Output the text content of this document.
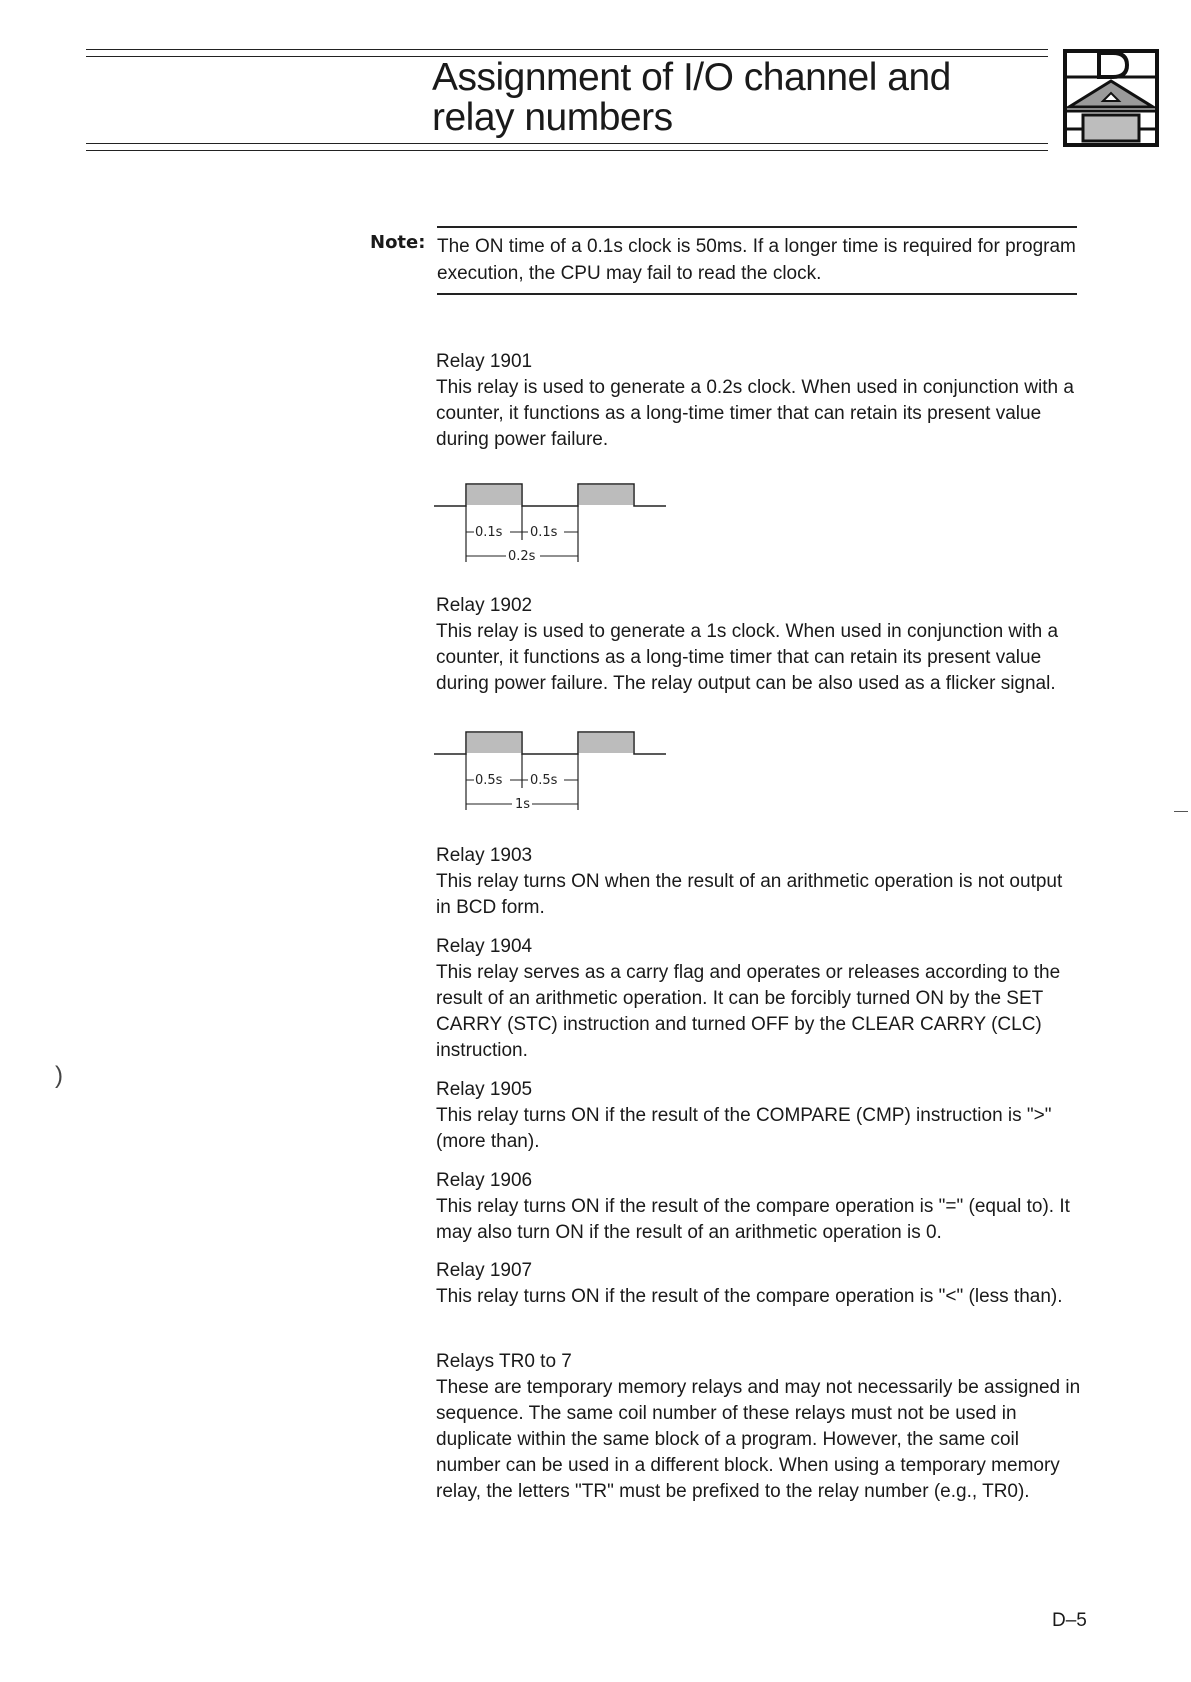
Assignment of I/O channel and
relay numbers
Note: The ON time of a 0.1s clock is 50ms. If a longer time is required for program execution, the CPU may fail to read the clock.
Relay 1901
This relay is used to generate a 0.2s clock. When used in conjunction with a counter, it functions as a long-time timer that can retain its present value during power failure.
0.1s 0.1s
0.2s
Relay 1902
This relay is used to generate a 1s clock. When used in conjunction with a counter, it functions as a long-time timer that can retain its present value during power failure. The relay output can be also used as a flicker signal.
0.5s 0.5s
1s
Relay 1903
This relay turns ON when the result of an arithmetic operation is not output in BCD form.
Relay 1904
This relay serves as a carry flag and operates or releases according to the result of an arithmetic operation. It can be forcibly turned ON by the SET CARRY (STC) instruction and turned OFF by the CLEAR CARRY (CLC) instruction.
Relay 1905
This relay turns ON if the result of the COMPARE (CMP) instruction is ">" (more than).
Relay 1906
This relay turns ON if the result of the compare operation is "=" (equal to). It may also turn ON if the result of an arithmetic operation is 0.
Relay 1907
This relay turns ON if the result of the compare operation is "<" (less than).
Relays TR0 to 7
These are temporary memory relays and may not necessarily be assigned in sequence. The same coil number of these relays must not be used in duplicate within the same block of a program. However, the same coil number can be used in a different block. When using a temporary memory relay, the letters "TR" must be prefixed to the relay number (e.g., TR0).
)
D–5
